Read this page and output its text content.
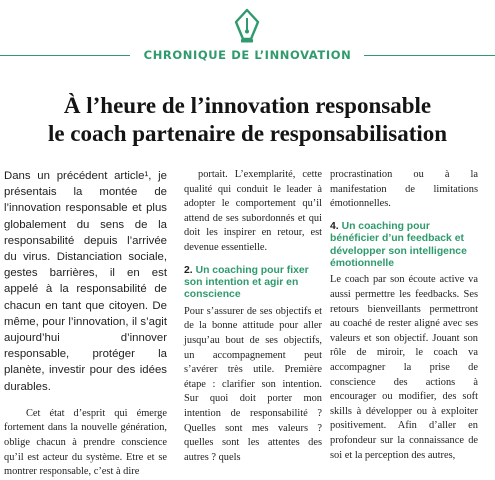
CHRONIQUE DE L’INNOVATION
À l’heure de l’innovation responsable
le coach partenaire de responsabilisation

Dans un précédent article¹, je présentais la montée de l’innovation responsable et plus globalement du sens de la responsabilité depuis l’arrivée du virus. Distanciation sociale, gestes barrières, il en est appelé à la responsabilité de chacun en tant que citoyen. De même, pour l’innovation, il s’agit aujourd’hui d’innover responsable, protéger la planète, investir pour des idées durables.

Cet état d’esprit qui émerge fortement dans la nouvelle génération, oblige chacun à prendre conscience qu’il est acteur du système. Etre et se montrer responsable, c’est à dire

portait. L’exemplarité, cette qualité qui conduit le leader à adopter le comportement qu’il attend de ses subordonnés et qui doit les inspirer en retour, est devenue essentielle.

2. Un coaching pour fixer son intention et agir en conscience

Pour s’assurer de ses objectifs et de la bonne attitude pour aller jusqu’au bout de ses objectifs, un accompagnement peut s’avérer très utile. Première étape : clarifier son intention. Sur quoi doit porter mon intention de responsabilité ? Quelles sont mes valeurs ? quelles sont les attentes des autres ? quels

procrastination ou à la manifestation de limitations émotionnelles.

4. Un coaching pour bénéficier d’un feedback et développer son intelligence émotionnelle

Le coach par son écoute active va aussi permettre les feedbacks. Ses retours bienveillants permettront au coaché de rester aligné avec ses valeurs et son objectif. Jouant son rôle de miroir, le coach va accompagner la prise de conscience des actions à encourager ou modifier, des soft skills à développer ou à exploiter positivement. Afin d’aller en profondeur sur la connaissance de soi et la perception des autres,
